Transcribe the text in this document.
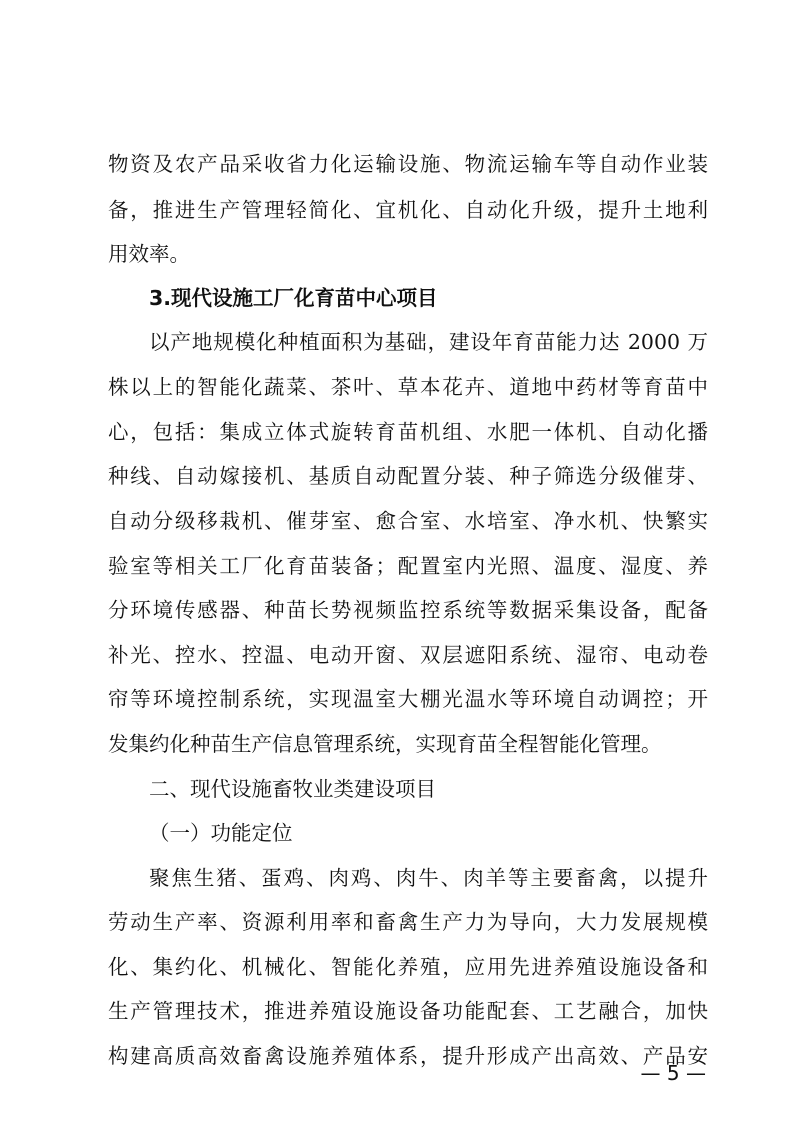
物资及农产品采收省力化运输设施、物流运输车等自动作业装
备，推进生产管理轻简化、宜机化、自动化升级，提升土地利
用效率。
3.现代设施工厂化育苗中心项目
以产地规模化种植面积为基础，建设年育苗能力达 2000 万
株以上的智能化蔬菜、茶叶、草本花卉、道地中药材等育苗中
心，包括：集成立体式旋转育苗机组、水肥一体机、自动化播
种线、自动嫁接机、基质自动配置分装、种子筛选分级催芽、
自动分级移栽机、催芽室、愈合室、水培室、净水机、快繁实
验室等相关工厂化育苗装备；配置室内光照、温度、湿度、养
分环境传感器、种苗长势视频监控系统等数据采集设备，配备
补光、控水、控温、电动开窗、双层遮阳系统、湿帘、电动卷
帘等环境控制系统，实现温室大棚光温水等环境自动调控；开
发集约化种苗生产信息管理系统，实现育苗全程智能化管理。
二、现代设施畜牧业类建设项目
（一）功能定位
聚焦生猪、蛋鸡、肉鸡、肉牛、肉羊等主要畜禽，以提升
劳动生产率、资源利用率和畜禽生产力为导向，大力发展规模
化、集约化、机械化、智能化养殖，应用先进养殖设施设备和
生产管理技术，推进养殖设施设备功能配套、工艺融合，加快
构建高质高效畜禽设施养殖体系，提升形成产出高效、产品安
— 5 —
